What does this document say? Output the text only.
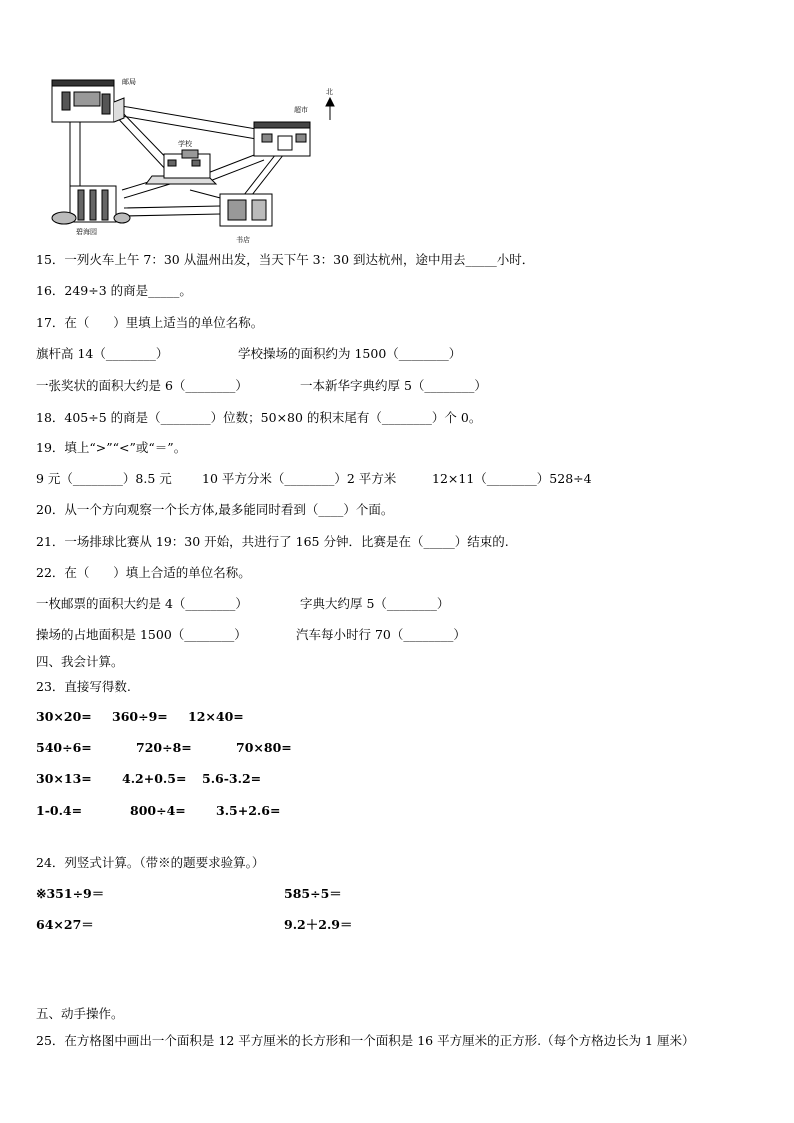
邮局
北
超市
学校
碧海园
书店
15．一列火车上午 7：30 从温州出发，当天下午 3：30 到达杭州，途中用去_____小时．
16．249÷3 的商是_____。
17．在（      ）里填上适当的单位名称。
旗杆高 14（________）	学校操场的面积约为 1500（________）
一张奖状的面积大约是 6（________）	一本新华字典约厚 5（________）
18．405÷5 的商是（________）位数；50×80 的积末尾有（________）个 0。
19．填上“>”“<”或“＝”。
9 元（________）8.5 元 10 平方分米（________）2 平方米	12×11（________）528÷4
20．从一个方向观察一个长方体,最多能同时看到（____）个面。
21．一场排球比赛从 19：30 开始，共进行了 165 分钟．比赛是在（_____）结束的.
22．在（      ）填上合适的单位名称。
一枚邮票的面积大约是 4（________）	字典大约厚 5（________）
操场的占地面积是 1500（________）	汽车每小时行 70（________）
四、我会计算。
23．直接写得数.
30×20= 360÷9= 12×40=
540÷6=	720÷8=	70×80=
30×13= 4.2+0.5= 5.6-3.2=
1-0.4=	800÷4= 3.5+2.6=
24．列竖式计算。（带※的题要求验算。）
※351÷9＝	585÷5＝
64×27＝	9.2＋2.9＝
五、动手操作。
25．在方格图中画出一个面积是 12 平方厘米的长方形和一个面积是 16 平方厘米的正方形.（每个方格边长为 1 厘米）
